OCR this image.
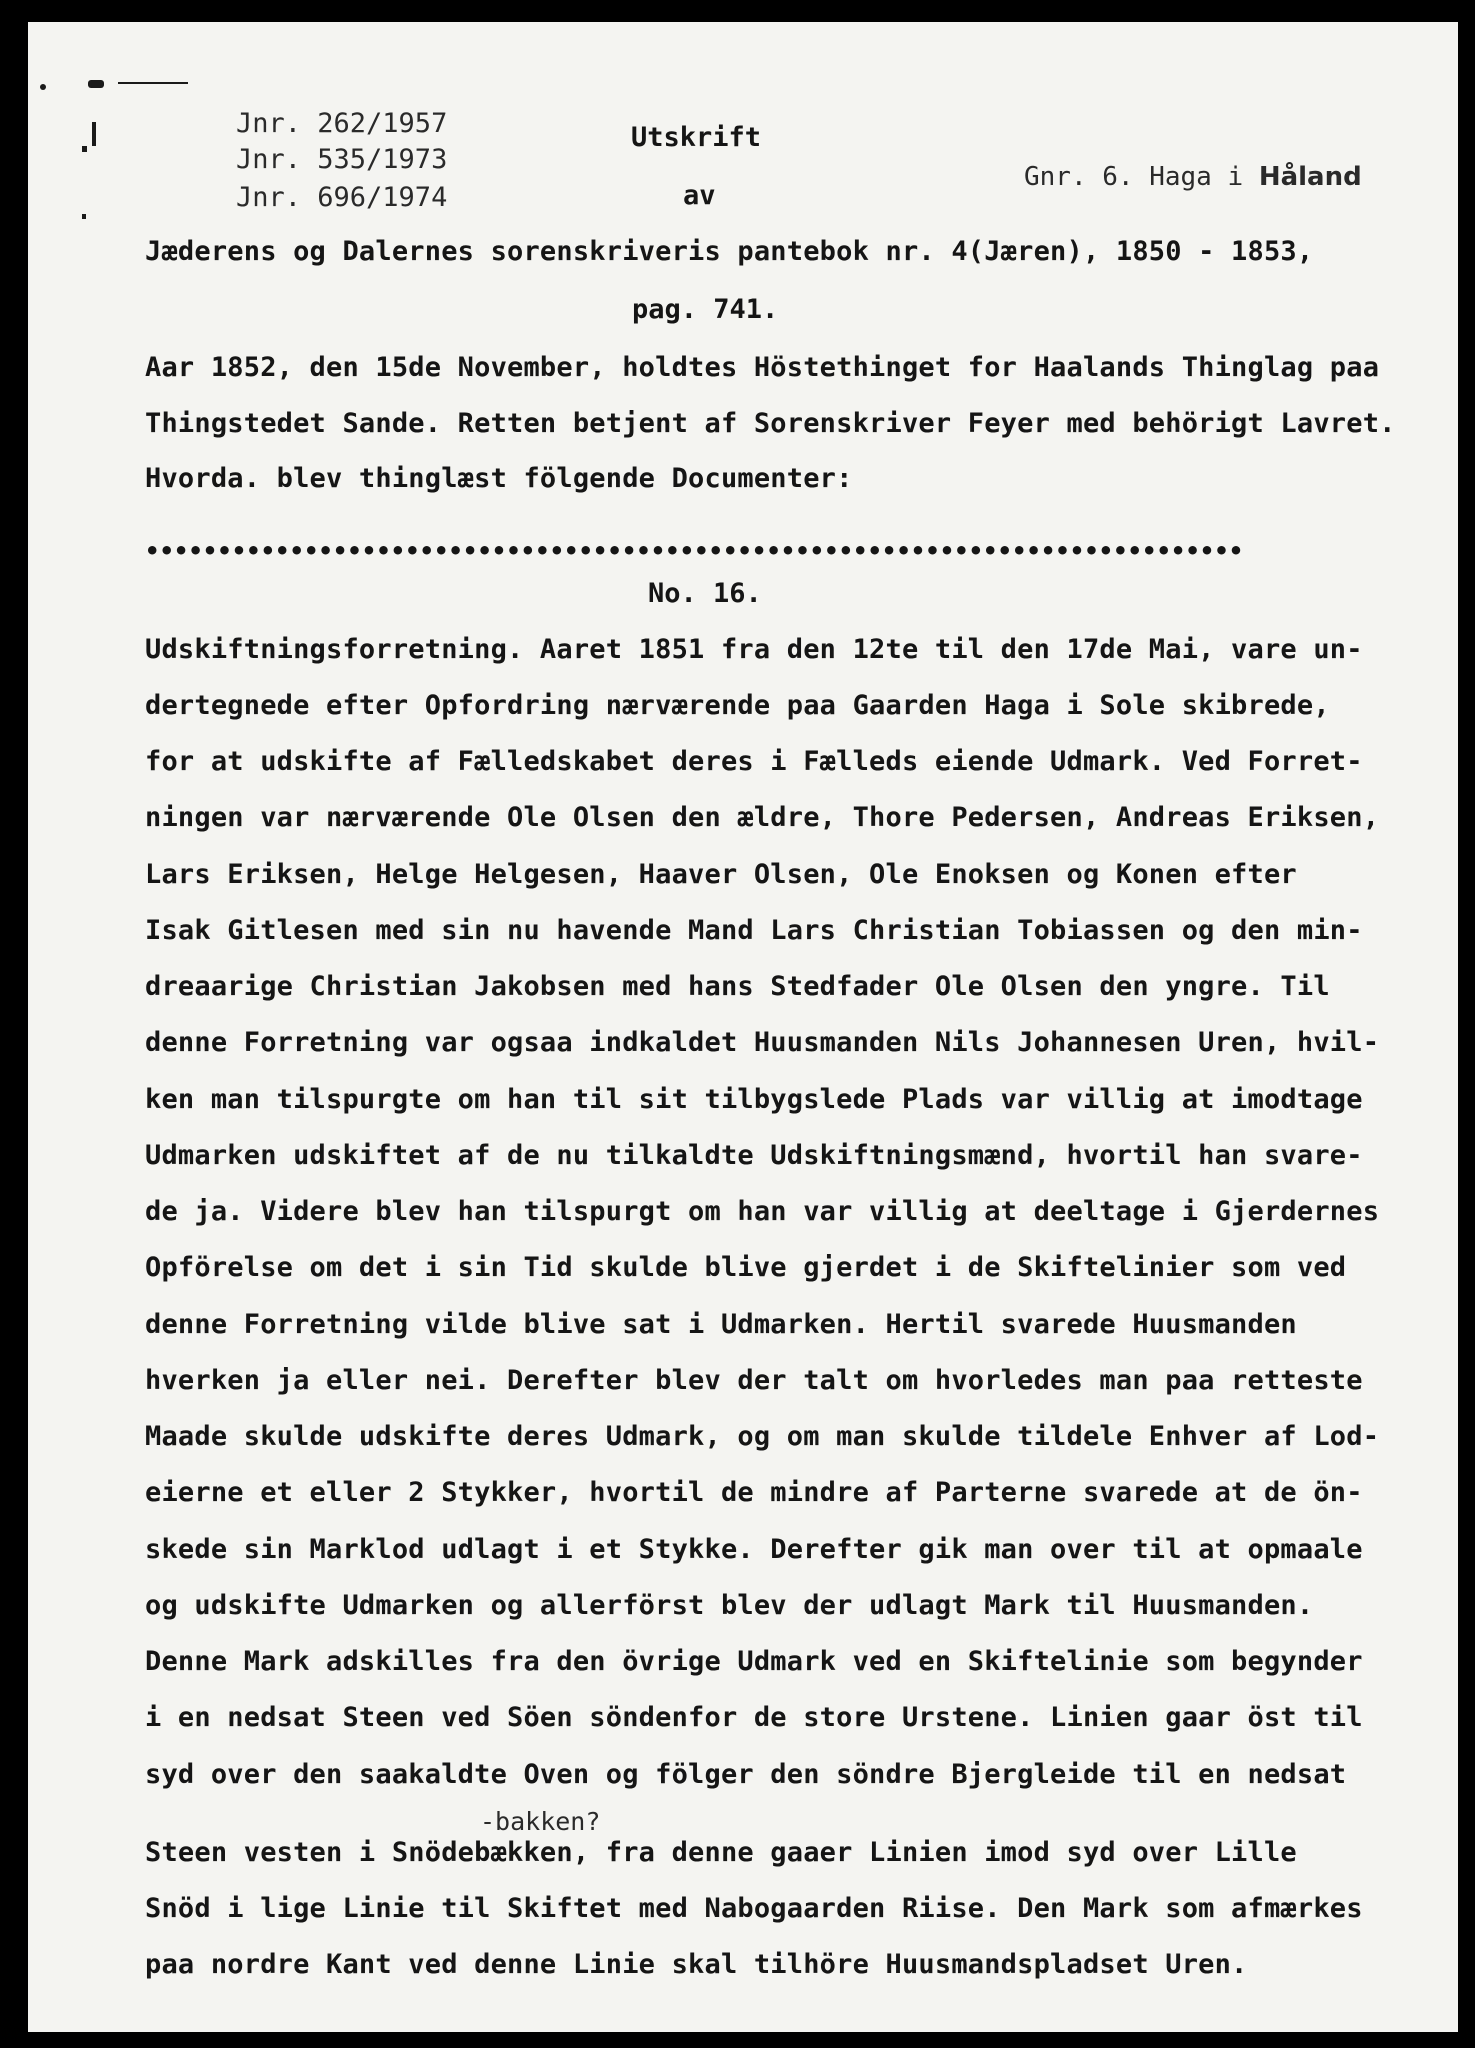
Jnr. 262/1957
Jnr. 535/1973
Jnr. 696/1974
Utskrift
av
Gnr. 6. Haga i Håland
Jæderens og Dalernes sorenskriveris pantebok nr. 4(Jæren), 1850 - 1853,
pag. 741.
Aar 1852, den 15de November, holdtes Höstethinget for Haalands Thinglag paa
Thingstedet Sande. Retten betjent af Sorenskriver Feyer med behörigt Lavret.
Hvorda. blev thinglæst fölgende Documenter:
••••••••••••••••••••••••••••••••••••••••••••••••••••••••••••••••••••••••••••
No. 16.
Udskiftningsforretning. Aaret 1851 fra den 12te til den 17de Mai, vare un-
dertegnede efter Opfordring nærværende paa Gaarden Haga i Sole skibrede,
for at udskifte af Fælledskabet deres i Fælleds eiende Udmark. Ved Forret-
ningen var nærværende Ole Olsen den ældre, Thore Pedersen, Andreas Eriksen,
Lars Eriksen, Helge Helgesen, Haaver Olsen, Ole Enoksen og Konen efter
Isak Gitlesen med sin nu havende Mand Lars Christian Tobiassen og den min-
dreaarige Christian Jakobsen med hans Stedfader Ole Olsen den yngre. Til
denne Forretning var ogsaa indkaldet Huusmanden Nils Johannesen Uren, hvil-
ken man tilspurgte om han til sit tilbygslede Plads var villig at imodtage
Udmarken udskiftet af de nu tilkaldte Udskiftningsmænd, hvortil han svare-
de ja. Videre blev han tilspurgt om han var villig at deeltage i Gjerdernes
Opförelse om det i sin Tid skulde blive gjerdet i de Skiftelinier som ved
denne Forretning vilde blive sat i Udmarken. Hertil svarede Huusmanden
hverken ja eller nei. Derefter blev der talt om hvorledes man paa retteste
Maade skulde udskifte deres Udmark, og om man skulde tildele Enhver af Lod-
eierne et eller 2 Stykker, hvortil de mindre af Parterne svarede at de ön-
skede sin Marklod udlagt i et Stykke. Derefter gik man over til at opmaale
og udskifte Udmarken og allerförst blev der udlagt Mark til Huusmanden.
Denne Mark adskilles fra den övrige Udmark ved en Skiftelinie som begynder
i en nedsat Steen ved Söen söndenfor de store Urstene. Linien gaar öst til
syd over den saakaldte Oven og fölger den söndre Bjergleide til en nedsat
-bakken?
Steen vesten i Snödebækken, fra denne gaaer Linien imod syd over Lille
Snöd i lige Linie til Skiftet med Nabogaarden Riise. Den Mark som afmærkes
paa nordre Kant ved denne Linie skal tilhöre Huusmandspladset Uren.
